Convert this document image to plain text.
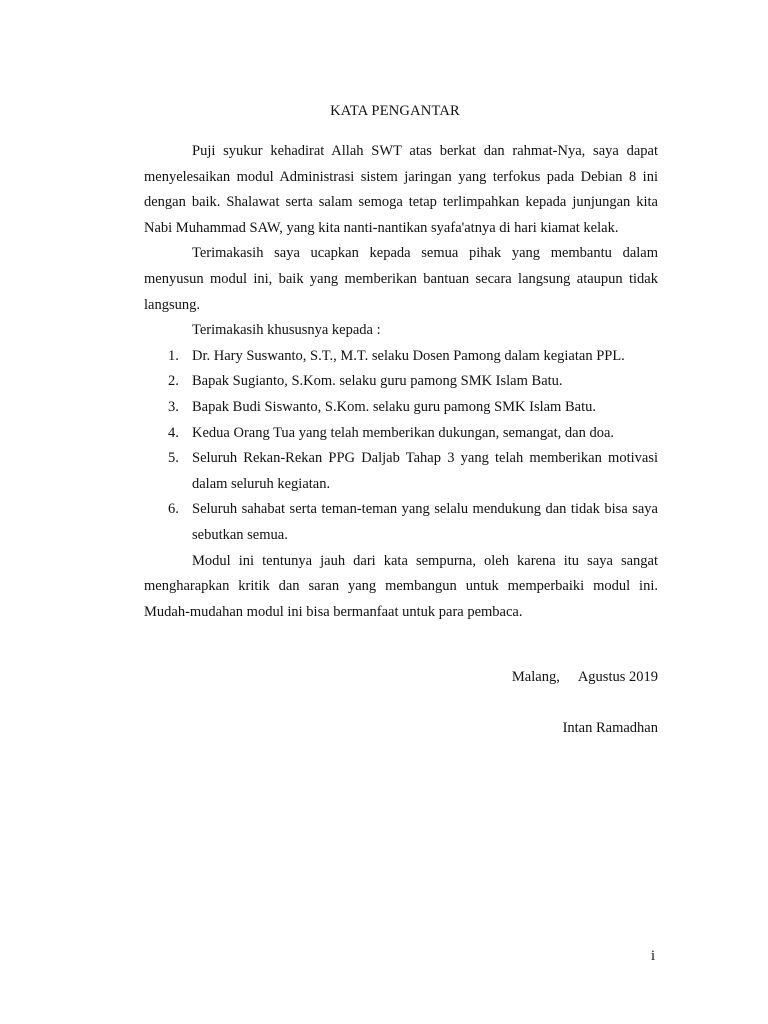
KATA PENGANTAR

Puji syukur kehadirat Allah SWT atas berkat dan rahmat-Nya, saya dapat menyelesaikan modul Administrasi sistem jaringan yang terfokus pada Debian 8 ini dengan baik. Shalawat serta salam semoga tetap terlimpahkan kepada junjungan kita Nabi Muhammad SAW, yang kita nanti-nantikan syafa'atnya di hari kiamat kelak.

Terimakasih saya ucapkan kepada semua pihak yang membantu dalam menyusun modul ini, baik yang memberikan bantuan secara langsung ataupun tidak langsung.

Terimakasih khususnya kepada :

1. Dr. Hary Suswanto, S.T., M.T. selaku Dosen Pamong dalam kegiatan PPL.
2. Bapak Sugianto, S.Kom. selaku guru pamong SMK Islam Batu.
3. Bapak Budi Siswanto, S.Kom. selaku guru pamong SMK Islam Batu.
4. Kedua Orang Tua yang telah memberikan dukungan, semangat, dan doa.
5. Seluruh Rekan-Rekan PPG Daljab Tahap 3 yang telah memberikan motivasi dalam seluruh kegiatan.
6. Seluruh sahabat serta teman-teman yang selalu mendukung dan tidak bisa saya sebutkan semua.

Modul ini tentunya jauh dari kata sempurna, oleh karena itu saya sangat mengharapkan kritik dan saran yang membangun untuk memperbaiki modul ini. Mudah-mudahan modul ini bisa bermanfaat untuk para pembaca.

Malang, Agustus 2019
Intan Ramadhan
i
